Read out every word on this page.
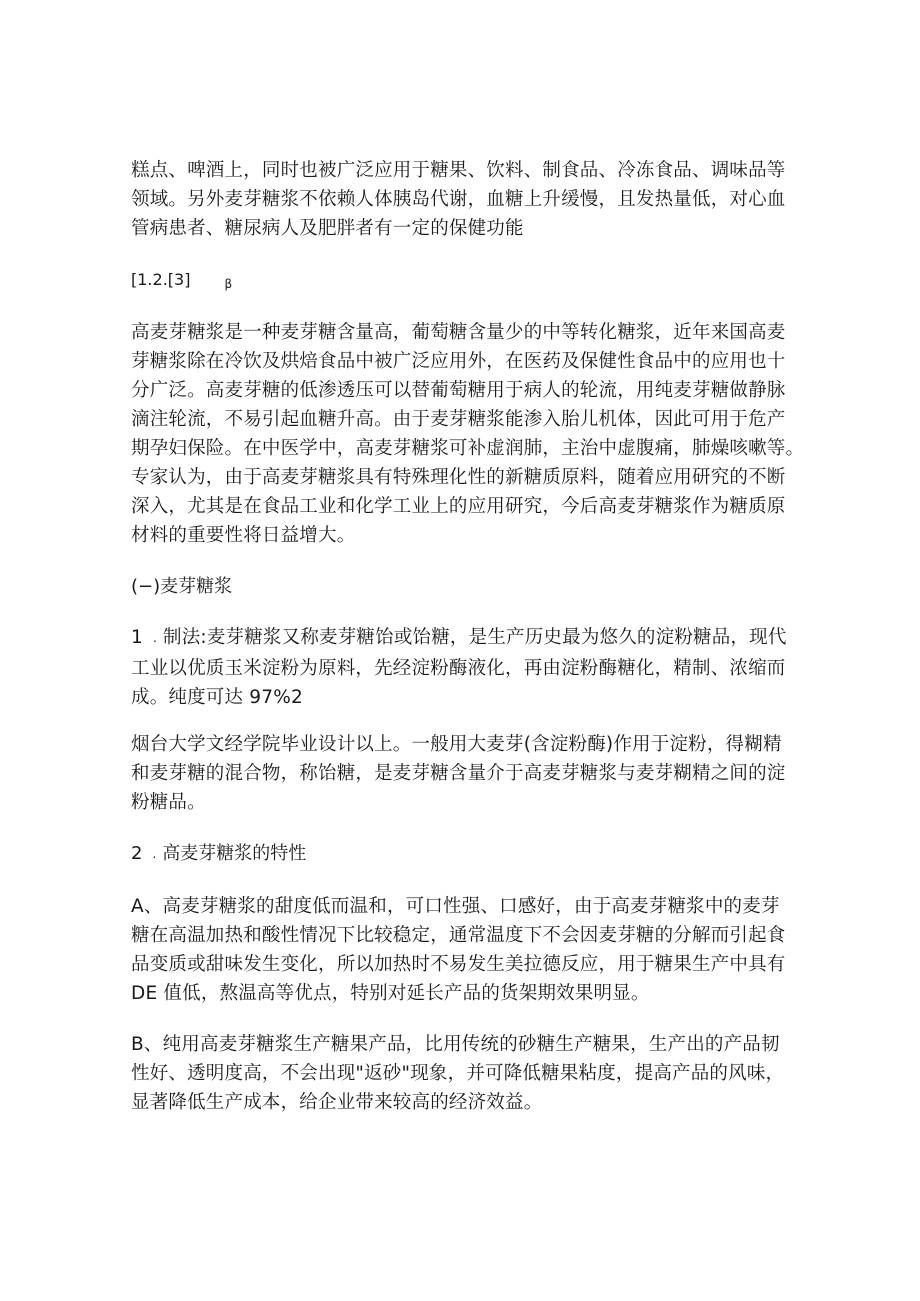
糕点、啤酒上，同时也被广泛应用于糖果、饮料、制食品、冷冻食品、调味品等
领域。另外麦芽糖浆不依赖人体胰岛代谢，血糖上升缓慢，且发热量低，对心血
管病患者、糖尿病人及肥胖者有一定的保健功能

[1.2.[3]	β

高麦芽糖浆是一种麦芽糖含量高，葡萄糖含量少的中等转化糖浆，近年来国高麦
芽糖浆除在冷饮及烘焙食品中被广泛应用外，在医药及保健性食品中的应用也十
分广泛。高麦芽糖的低渗透压可以替葡萄糖用于病人的轮流，用纯麦芽糖做静脉
滴注轮流，不易引起血糖升高。由于麦芽糖浆能渗入胎儿机体，因此可用于危产
期孕妇保险。在中医学中，高麦芽糖浆可补虚润肺，主治中虚腹痛，肺燥咳嗽等。
专家认为，由于高麦芽糖浆具有特殊理化性的新糖质原料，随着应用研究的不断
深入，尤其是在食品工业和化学工业上的应用研究，今后高麦芽糖浆作为糖质原
材料的重要性将日益增大。

(−)麦芽糖浆

1 . 制法:麦芽糖浆又称麦芽糖饴或饴糖，是生产历史最为悠久的淀粉糖品，现代
工业以优质玉米淀粉为原料，先经淀粉酶液化，再由淀粉酶糖化，精制、浓缩而
成。纯度可达 97%2

烟台大学文经学院毕业设计以上。一般用大麦芽(含淀粉酶)作用于淀粉，得糊精
和麦芽糖的混合物，称饴糖，是麦芽糖含量介于高麦芽糖浆与麦芽糊精之间的淀
粉糖品。

2 . 高麦芽糖浆的特性

A、高麦芽糖浆的甜度低而温和，可口性强、口感好，由于高麦芽糖浆中的麦芽
糖在高温加热和酸性情况下比较稳定，通常温度下不会因麦芽糖的分解而引起食
品变质或甜味发生变化，所以加热时不易发生美拉德反应，用于糖果生产中具有
DE 值低，熬温高等优点，特别对延长产品的货架期效果明显。

B、纯用高麦芽糖浆生产糖果产品，比用传统的砂糖生产糖果，生产出的产品韧
性好、透明度高，不会出现"返砂"现象，并可降低糖果粘度，提高产品的风味，
显著降低生产成本，给企业带来较高的经济效益。
